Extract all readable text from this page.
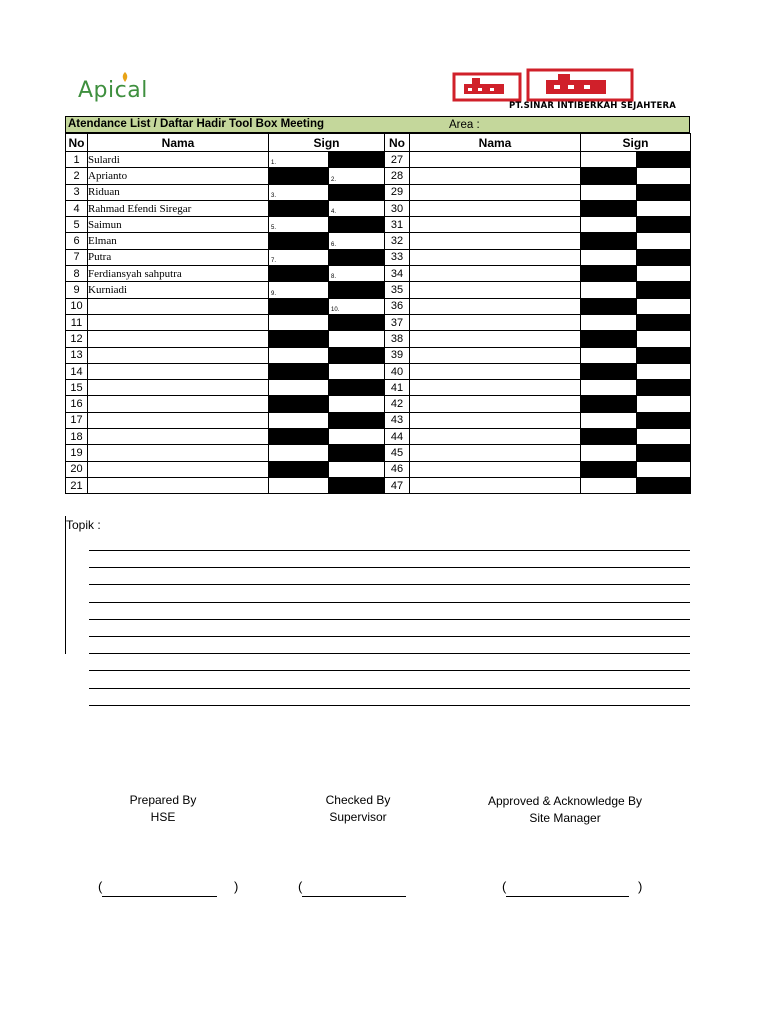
Apical
PT.SINAR INTIBERKAH SEJAHTERA
Atendance List / Daftar Hadir Tool Box Meeting	Area :
No	Nama	Sign		No	Nama	Sign	
1	Sulardi	1.		27			
2	Aprianto		2.	28			
3	Riduan	3.		29			
4	Rahmad Efendi Siregar		4.	30			
5	Saimun	5.		31			
6	Elman		6.	32			
7	Putra	7.		33			
8	Ferdiansyah sahputra		8.	34			
9	Kurniadi	9.		35			
10			10.	36			
11				37			
12				38			
13				39			
14				40			
15				41			
16				42			
17				43			
18				44			
19				45			
20				46			
21				47			
Topik :
Prepared By
HSE
Checked By
Supervisor
Approved & Acknowledge By
Site Manager
(	)	(	(	)
